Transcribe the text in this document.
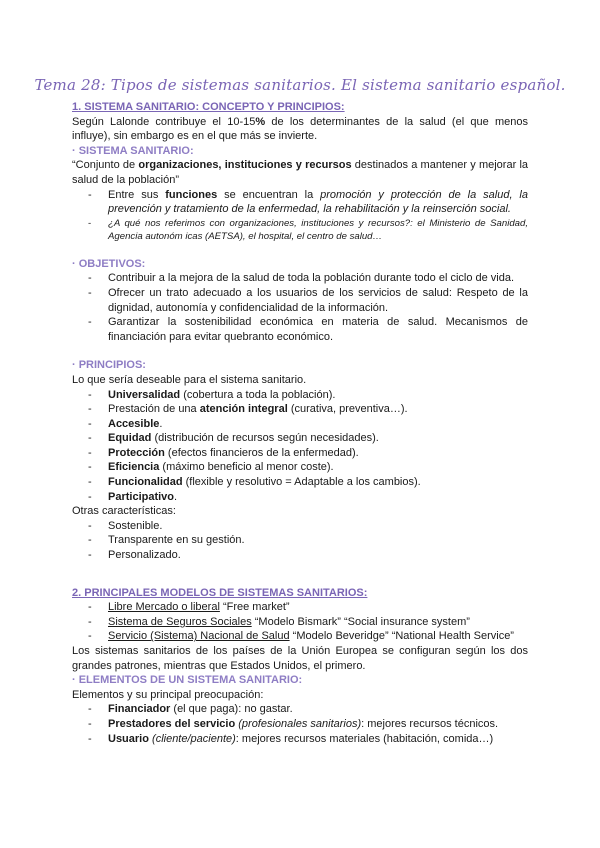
Tema 28: Tipos de sistemas sanitarios. El sistema sanitario español.
1. SISTEMA SANITARIO: CONCEPTO Y PRINCIPIOS:
Según Lalonde contribuye el 10-15% de los determinantes de la salud (el que menos influye), sin embargo es en el que más se invierte.
· SISTEMA SANITARIO:
“Conjunto de organizaciones, instituciones y recursos destinados a mantener y mejorar la salud de la población”
- Entre sus funciones se encuentran la promoción y protección de la salud, la prevención y tratamiento de la enfermedad, la rehabilitación y la reinserción social.
- ¿A qué nos referimos con organizaciones, instituciones y recursos?: el Ministerio de Sanidad, Agencia autonóm icas (AETSA), el hospital, el centro de salud…
· OBJETIVOS:
- Contribuir a la mejora de la salud de toda la población durante todo el ciclo de vida.
- Ofrecer un trato adecuado a los usuarios de los servicios de salud: Respeto de la dignidad, autonomía y confidencialidad de la información.
- Garantizar la sostenibilidad económica en materia de salud. Mecanismos de financiación para evitar quebranto económico.
· PRINCIPIOS:
Lo que sería deseable para el sistema sanitario.
- Universalidad (cobertura a toda la población).
- Prestación de una atención integral (curativa, preventiva…).
- Accesible.
- Equidad (distribución de recursos según necesidades).
- Protección (efectos financieros de la enfermedad).
- Eficiencia (máximo beneficio al menor coste).
- Funcionalidad (flexible y resolutivo = Adaptable a los cambios).
- Participativo.
Otras características:
- Sostenible.
- Transparente en su gestión.
- Personalizado.
2. PRINCIPALES MODELOS DE SISTEMAS SANITARIOS:
- Libre Mercado o liberal “Free market”
- Sistema de Seguros Sociales “Modelo Bismark” “Social insurance system”
- Servicio (Sistema) Nacional de Salud “Modelo Beveridge” “National Health Service”
Los sistemas sanitarios de los países de la Unión Europea se configuran según los dos grandes patrones, mientras que Estados Unidos, el primero.
· ELEMENTOS DE UN SISTEMA SANITARIO:
Elementos y su principal preocupación:
- Financiador (el que paga): no gastar.
- Prestadores del servicio (profesionales sanitarios): mejores recursos técnicos.
- Usuario (cliente/paciente): mejores recursos materiales (habitación, comida…)
